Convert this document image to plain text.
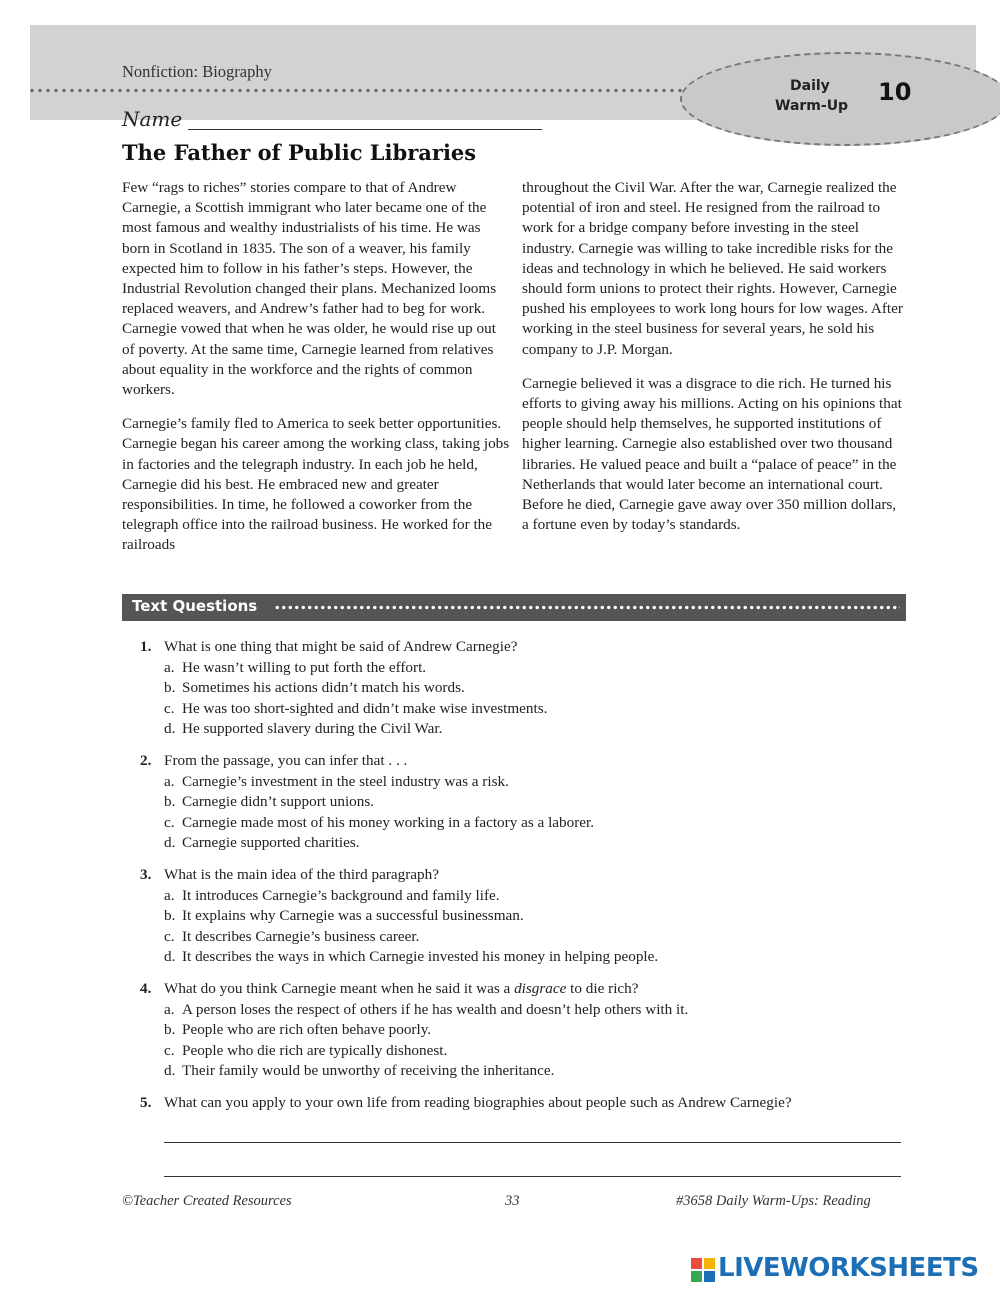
Nonfiction: Biography
Daily
Warm-Up 10
Name
The Father of Public Libraries

Few “rags to riches” stories compare to that of Andrew Carnegie, a Scottish immigrant who later became one of the most famous and wealthy industrialists of his time. He was born in Scotland in 1835. The son of a weaver, his family expected him to follow in his father’s steps. However, the Industrial Revolution changed their plans. Mechanized looms replaced weavers, and Andrew’s father had to beg for work. Carnegie vowed that when he was older, he would rise up out of poverty. At the same time, Carnegie learned from relatives about equality in the workforce and the rights of common workers.

Carnegie’s family fled to America to seek better opportunities. Carnegie began his career among the working class, taking jobs in factories and the telegraph industry. In each job he held, Carnegie did his best. He embraced new and greater responsibilities. In time, he followed a coworker from the telegraph office into the railroad business. He worked for the railroads

throughout the Civil War. After the war, Carnegie realized the potential of iron and steel. He resigned from the railroad to work for a bridge company before investing in the steel industry. Carnegie was willing to take incredible risks for the ideas and technology in which he believed. He said workers should form unions to protect their rights. However, Carnegie pushed his employees to work long hours for low wages. After working in the steel business for several years, he sold his company to J.P. Morgan.

Carnegie believed it was a disgrace to die rich. He turned his efforts to giving away his millions. Acting on his opinions that people should help themselves, he supported institutions of higher learning. Carnegie also established over two thousand libraries. He valued peace and built a “palace of peace” in the Netherlands that would later become an international court. Before he died, Carnegie gave away over 350 million dollars, a fortune even by today’s standards.

Text Questions
1. What is one thing that might be said of Andrew Carnegie?
a. He wasn’t willing to put forth the effort.
b. Sometimes his actions didn’t match his words.
c. He was too short-sighted and didn’t make wise investments.
d. He supported slavery during the Civil War.
2. From the passage, you can infer that . . .
a. Carnegie’s investment in the steel industry was a risk.
b. Carnegie didn’t support unions.
c. Carnegie made most of his money working in a factory as a laborer.
d. Carnegie supported charities.
3. What is the main idea of the third paragraph?
a. It introduces Carnegie’s background and family life.
b. It explains why Carnegie was a successful businessman.
c. It describes Carnegie’s business career.
d. It describes the ways in which Carnegie invested his money in helping people.
4. What do you think Carnegie meant when he said it was a disgrace to die rich?
a. A person loses the respect of others if he has wealth and doesn’t help others with it.
b. People who are rich often behave poorly.
c. People who die rich are typically dishonest.
d. Their family would be unworthy of receiving the inheritance.
5. What can you apply to your own life from reading biographies about people such as Andrew Carnegie?
©Teacher Created Resources	33	#3658 Daily Warm-Ups: Reading
LIVEWORKSHEETS
